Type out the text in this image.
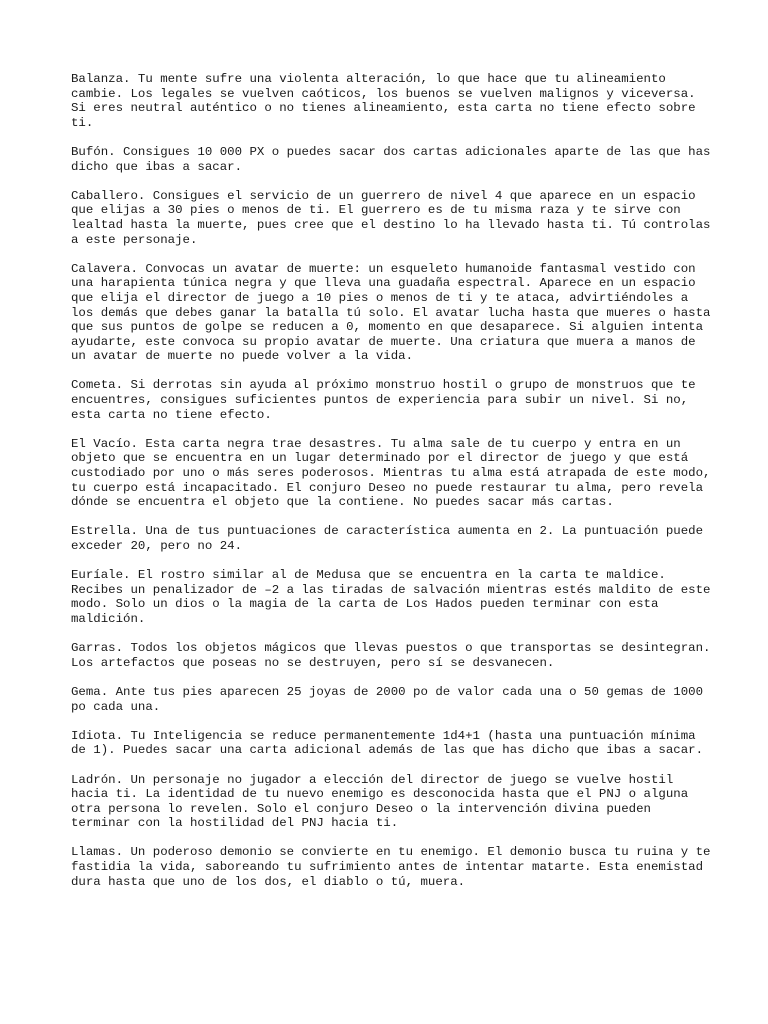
Balanza. Tu mente sufre una violenta alteración, lo que hace que tu alineamiento cambie. Los legales se vuelven caóticos, los buenos se vuelven malignos y viceversa. Si eres neutral auténtico o no tienes alineamiento, esta carta no tiene efecto sobre ti.

Bufón. Consigues 10 000 PX o puedes sacar dos cartas adicionales aparte de las que has dicho que ibas a sacar.

Caballero. Consigues el servicio de un guerrero de nivel 4 que aparece en un espacio que elijas a 30 pies o menos de ti. El guerrero es de tu misma raza y te sirve con lealtad hasta la muerte, pues cree que el destino lo ha llevado hasta ti. Tú controlas a este personaje.

Calavera. Convocas un avatar de muerte: un esqueleto humanoide fantasmal vestido con una harapienta túnica negra y que lleva una guadaña espectral. Aparece en un espacio que elija el director de juego a 10 pies o menos de ti y te ataca, advirtiéndoles a los demás que debes ganar la batalla tú solo. El avatar lucha hasta que mueres o hasta que sus puntos de golpe se reducen a 0, momento en que desaparece. Si alguien intenta ayudarte, este convoca su propio avatar de muerte. Una criatura que muera a manos de un avatar de muerte no puede volver a la vida.

Cometa. Si derrotas sin ayuda al próximo monstruo hostil o grupo de monstruos que te encuentres, consigues suficientes puntos de experiencia para subir un nivel. Si no, esta carta no tiene efecto.

El Vacío. Esta carta negra trae desastres. Tu alma sale de tu cuerpo y entra en un objeto que se encuentra en un lugar determinado por el director de juego y que está custodiado por uno o más seres poderosos. Mientras tu alma está atrapada de este modo, tu cuerpo está incapacitado. El conjuro Deseo no puede restaurar tu alma, pero revela dónde se encuentra el objeto que la contiene. No puedes sacar más cartas.

Estrella. Una de tus puntuaciones de característica aumenta en 2. La puntuación puede exceder 20, pero no 24.

Euríale. El rostro similar al de Medusa que se encuentra en la carta te maldice. Recibes un penalizador de –2 a las tiradas de salvación mientras estés maldito de este modo. Solo un dios o la magia de la carta de Los Hados pueden terminar con esta maldición.

Garras. Todos los objetos mágicos que llevas puestos o que transportas se desintegran. Los artefactos que poseas no se destruyen, pero sí se desvanecen.

Gema. Ante tus pies aparecen 25 joyas de 2000 po de valor cada una o 50 gemas de 1000 po cada una.

Idiota. Tu Inteligencia se reduce permanentemente 1d4+1 (hasta una puntuación mínima de 1). Puedes sacar una carta adicional además de las que has dicho que ibas a sacar.

Ladrón. Un personaje no jugador a elección del director de juego se vuelve hostil hacia ti. La identidad de tu nuevo enemigo es desconocida hasta que el PNJ o alguna otra persona lo revelen. Solo el conjuro Deseo o la intervención divina pueden terminar con la hostilidad del PNJ hacia ti.

Llamas. Un poderoso demonio se convierte en tu enemigo. El demonio busca tu ruina y te fastidia la vida, saboreando tu sufrimiento antes de intentar matarte. Esta enemistad dura hasta que uno de los dos, el diablo o tú, muera.
